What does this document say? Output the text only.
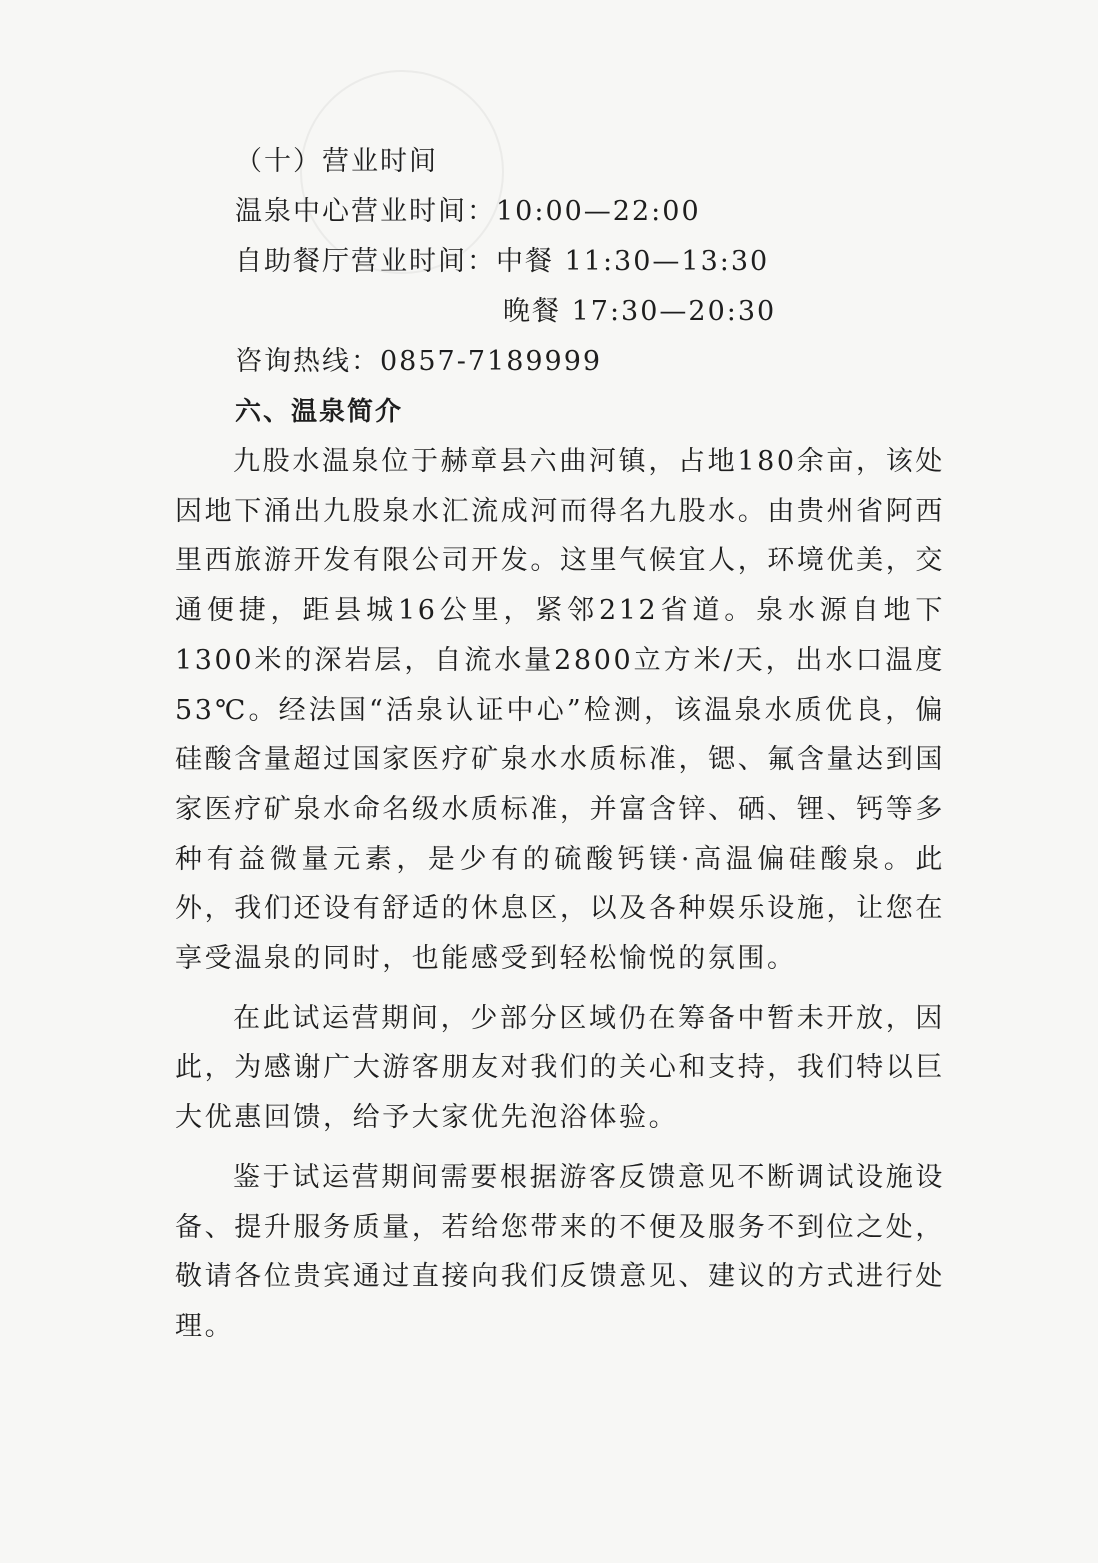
（十）营业时间
温泉中心营业时间：10:00—22:00
自助餐厅营业时间：中餐 11:30—13:30
晚餐 17:30—20:30
咨询热线：0857-7189999
六、温泉简介

九股水温泉位于赫章县六曲河镇，占地180余亩，该处因地下涌出九股泉水汇流成河而得名九股水。由贵州省阿西里西旅游开发有限公司开发。这里气候宜人，环境优美，交通便捷，距县城16公里，紧邻212省道。泉水源自地下1300米的深岩层，自流水量2800立方米/天，出水口温度53℃。经法国“活泉认证中心”检测，该温泉水质优良，偏硅酸含量超过国家医疗矿泉水水质标准，锶、氟含量达到国家医疗矿泉水命名级水质标准，并富含锌、硒、锂、钙等多种有益微量元素，是少有的硫酸钙镁·高温偏硅酸泉。此外，我们还设有舒适的休息区，以及各种娱乐设施，让您在享受温泉的同时，也能感受到轻松愉悦的氛围。

在此试运营期间，少部分区域仍在筹备中暂未开放，因此，为感谢广大游客朋友对我们的关心和支持，我们特以巨大优惠回馈，给予大家优先泡浴体验。

鉴于试运营期间需要根据游客反馈意见不断调试设施设备、提升服务质量，若给您带来的不便及服务不到位之处，敬请各位贵宾通过直接向我们反馈意见、建议的方式进行处理。
